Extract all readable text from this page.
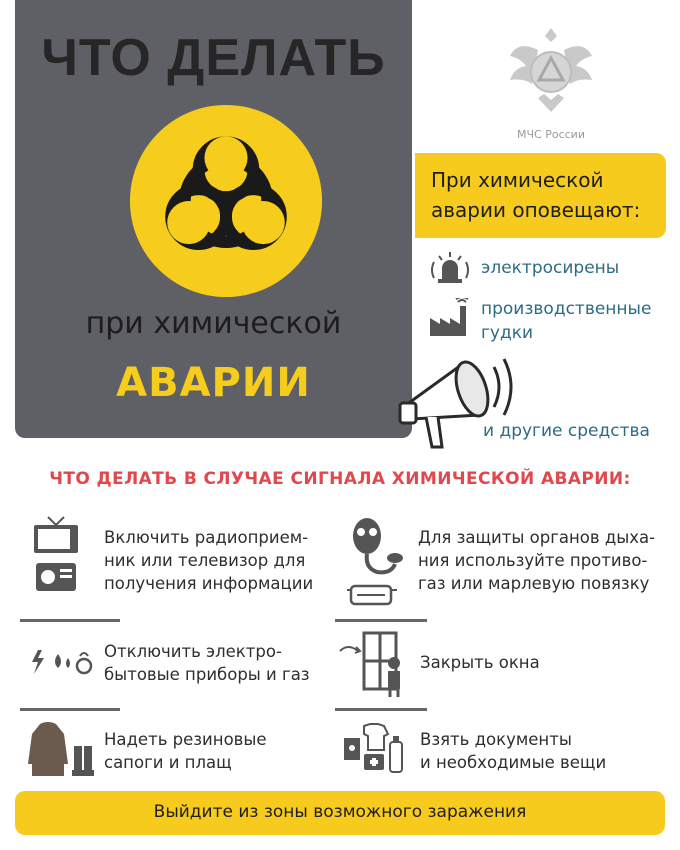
ЧТО ДЕЛАТЬ
при химической
АВАРИИ
МЧС России
При химической
аварии оповещают:
электросирены
производственные
гудки
и другие средства
ЧТО ДЕЛАТЬ В СЛУЧАЕ СИГНАЛА ХИМИЧЕСКОЙ АВАРИИ:
Включить радиоприем-
ник или телевизор для
получения информации
Для защиты органов дыха-
ния используйте противо-
газ или марлевую повязку
Отключить электро-
бытовые приборы и газ
Закрыть окна
Надеть резиновые
сапоги и плащ
Взять документы
и необходимые вещи
Выйдите из зоны возможного заражения
